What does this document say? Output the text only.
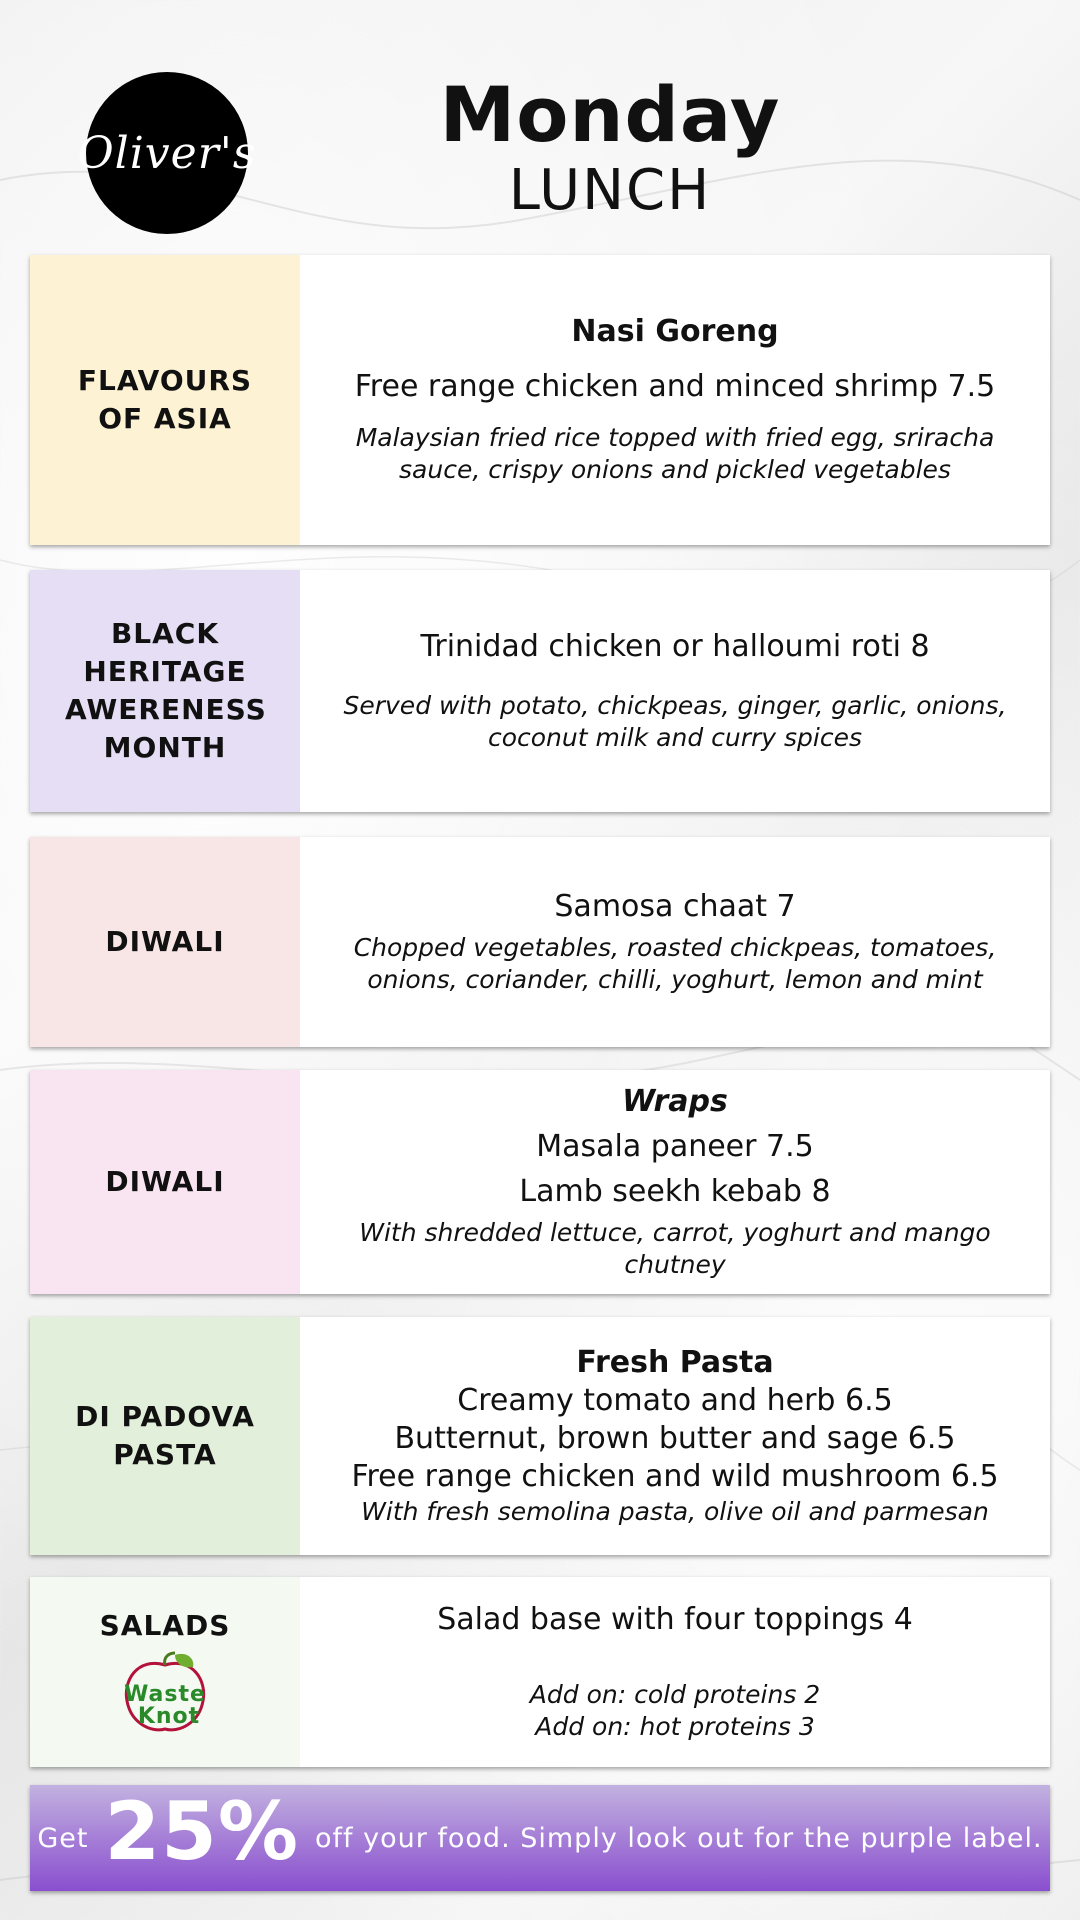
Oliver's	Monday
LUNCH
FLAVOURS OF ASIA
Nasi Goreng
Free range chicken and minced shrimp 7.5
Malaysian fried rice topped with fried egg, sriracha sauce, crispy onions and pickled vegetables
BLACK HERITAGE AWERENESS MONTH
Trinidad chicken or halloumi roti 8
Served with potato, chickpeas, ginger, garlic, onions, coconut milk and curry spices
DIWALI
Samosa chaat 7
Chopped vegetables, roasted chickpeas, tomatoes, onions, coriander, chilli, yoghurt, lemon and mint
DIWALI
Wraps
Masala paneer 7.5
Lamb seekh kebab 8
With shredded lettuce, carrot, yoghurt and mango chutney
DI PADOVA PASTA
Fresh Pasta
Creamy tomato and herb 6.5
Butternut, brown butter and sage 6.5
Free range chicken and wild mushroom 6.5
With fresh semolina pasta, olive oil and parmesan
SALADS
Waste
Knot
Salad base with four toppings 4
Add on: cold proteins 2
Add on: hot proteins 3
Get 25% off your food. Simply look out for the purple label.
